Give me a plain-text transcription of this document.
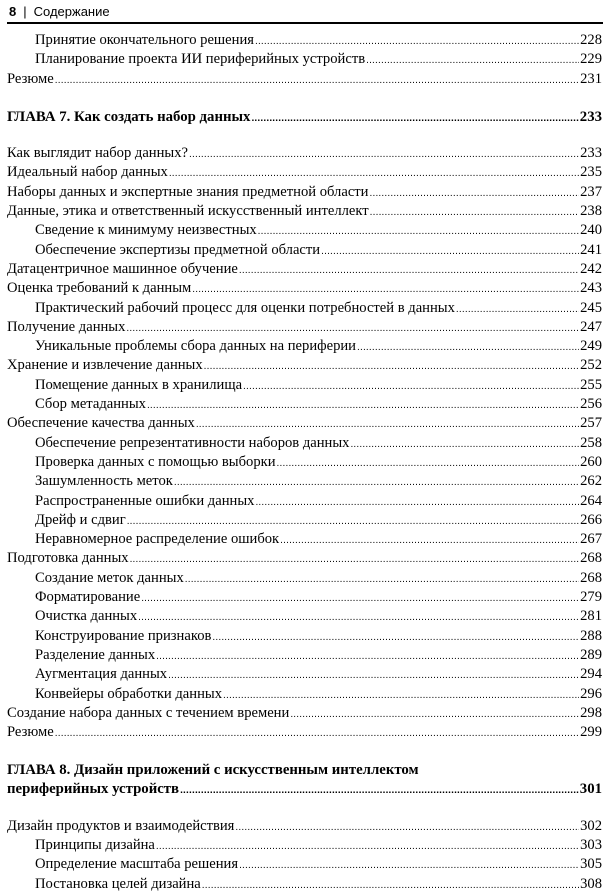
8 | Содержание
Принятие окончательного решения .....	228
Планирование проекта ИИ периферийных устройств .....	229
Резюме .....	231
ГЛАВА 7. Как создать набор данных .....	233
Как выглядит набор данных? .....	233
Идеальный набор данных .....	235
Наборы данных и экспертные знания предметной области .....	237
Данные, этика и ответственный искусственный интеллект .....	238
Сведение к минимуму неизвестных .....	240
Обеспечение экспертизы предметной области .....	241
Датацентричное машинное обучение .....	242
Оценка требований к данным .....	243
Практический рабочий процесс для оценки потребностей в данных .....	245
Получение данных .....	247
Уникальные проблемы сбора данных на периферии .....	249
Хранение и извлечение данных .....	252
Помещение данных в хранилища .....	255
Сбор метаданных .....	256
Обеспечение качества данных .....	257
Обеспечение репрезентативности наборов данных .....	258
Проверка данных с помощью выборки .....	260
Зашумленность меток .....	262
Распространенные ошибки данных .....	264
Дрейф и сдвиг .....	266
Неравномерное распределение ошибок .....	267
Подготовка данных .....	268
Создание меток данных .....	268
Форматирование .....	279
Очистка данных .....	281
Конструирование признаков .....	288
Разделение данных .....	289
Аугментация данных .....	294
Конвейеры обработки данных .....	296
Создание набора данных с течением времени .....	298
Резюме .....	299
ГЛАВА 8. Дизайн приложений с искусственным интеллектом
периферийных устройств .....	301
Дизайн продуктов и взаимодействия .....	302
Принципы дизайна .....	303
Определение масштаба решения .....	305
Постановка целей дизайна .....	308
